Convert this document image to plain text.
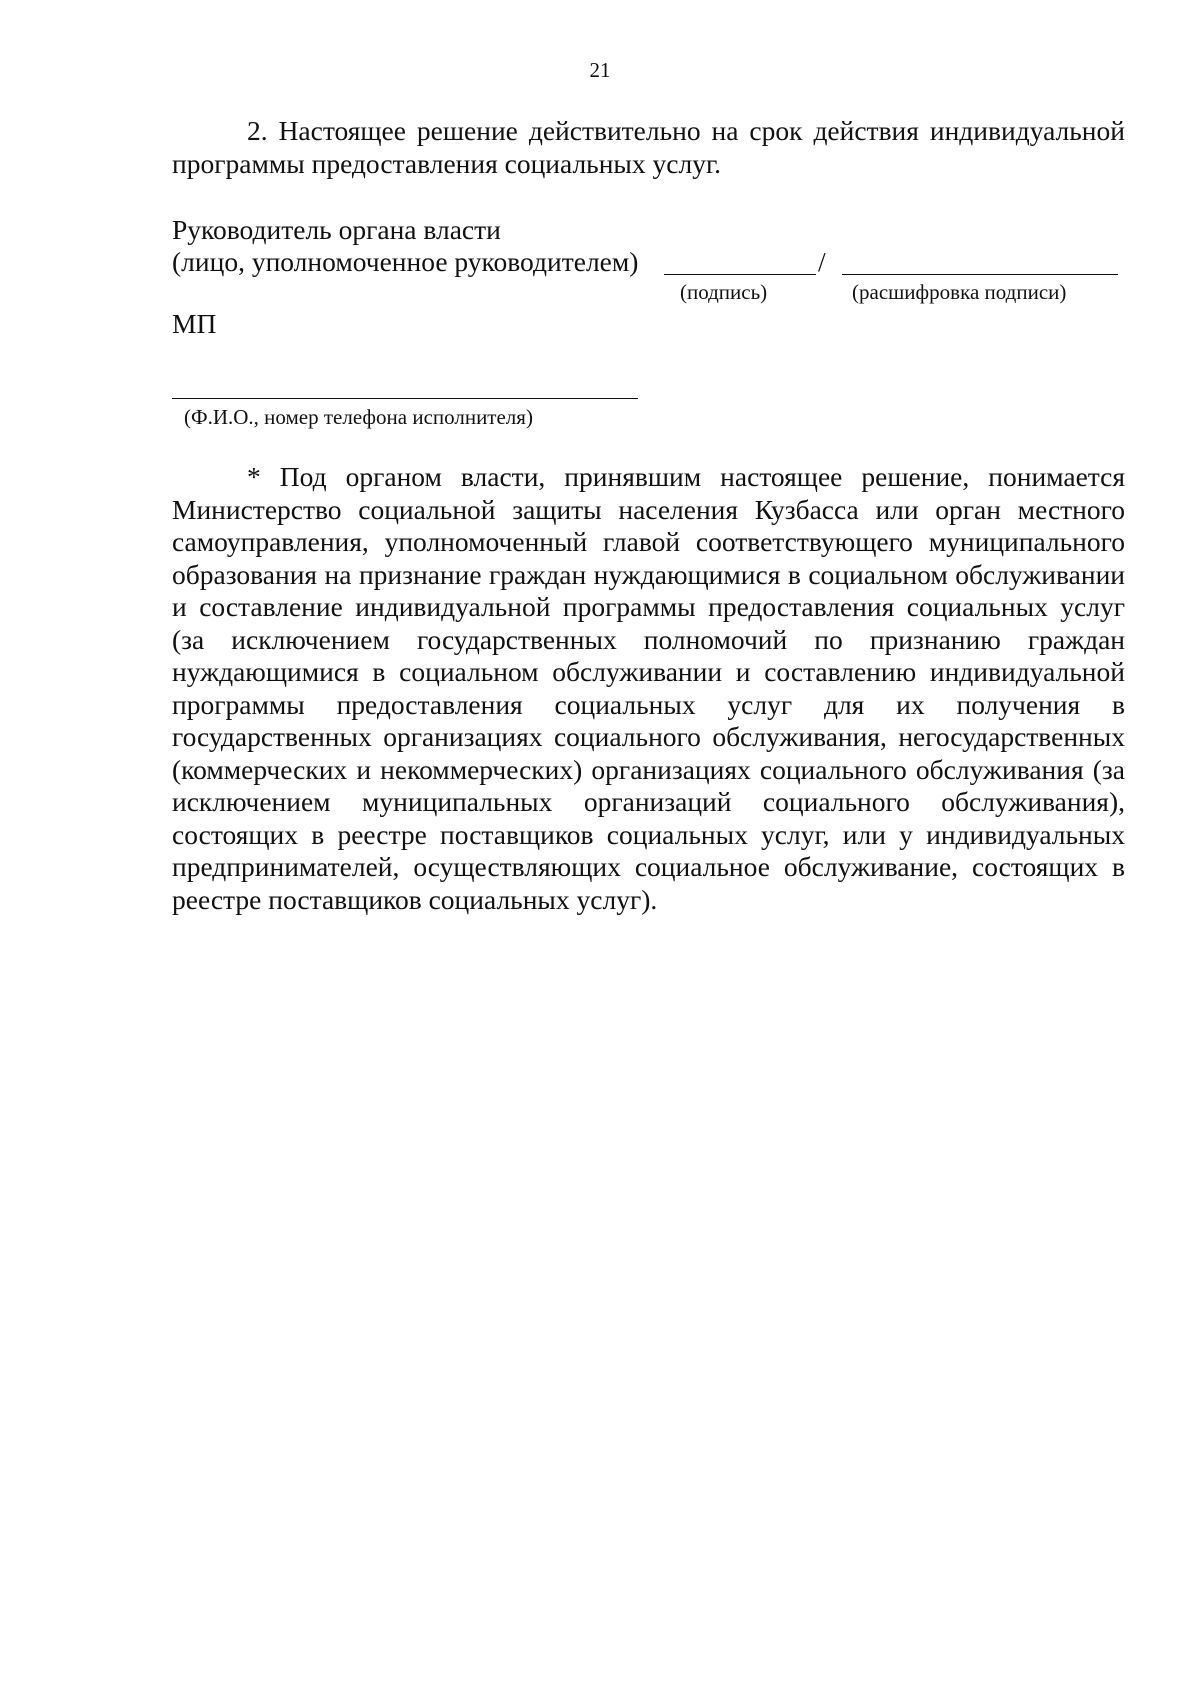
21

2. Настоящее решение действительно на срок действия индивидуальной программы предоставления социальных услуг.

Руководитель органа власти
(лицо, уполномоченное руководителем)	/
(подпись)	(расшифровка подписи)
МП
(Ф.И.О., номер телефона исполнителя)

* Под органом власти, принявшим настоящее решение, понимается Министерство социальной защиты населения Кузбасса или орган местного самоуправления, уполномоченный главой соответствующего муниципального образования на признание граждан нуждающимися в социальном обслуживании и составление индивидуальной программы предоставления социальных услуг (за исключением государственных полномочий по признанию граждан нуждающимися в социальном обслуживании и составлению индивидуальной программы предоставления социальных услуг для их получения в государственных организациях социального обслуживания, негосударственных (коммерческих и некоммерческих) организациях социального обслуживания (за исключением муниципальных организаций социального обслуживания), состоящих в реестре поставщиков социальных услуг, или у индивидуальных предпринимателей, осуществляющих социальное обслуживание, состоящих в реестре поставщиков социальных услуг).
